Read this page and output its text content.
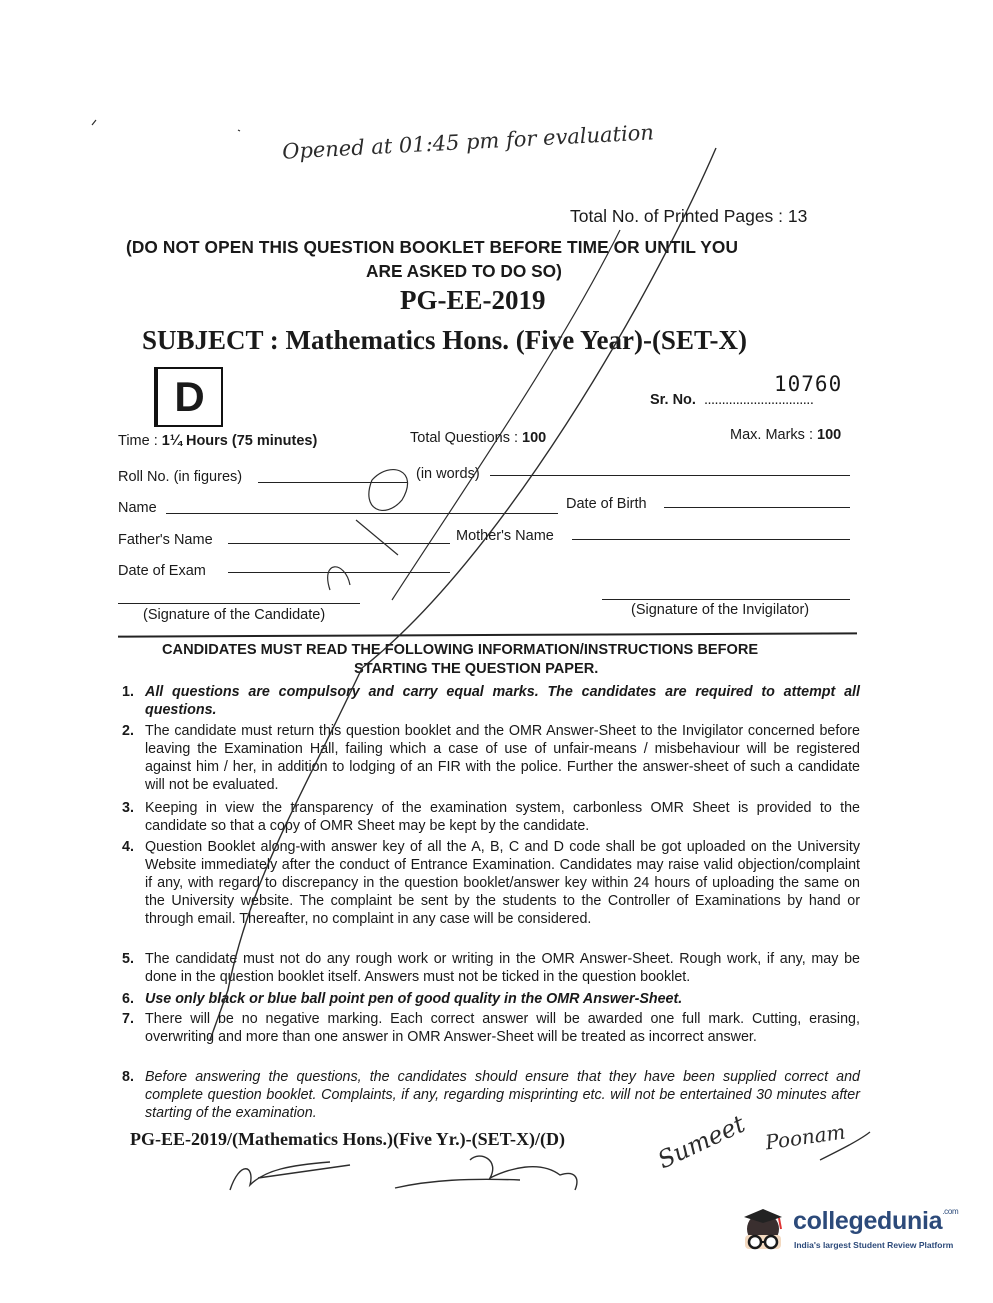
Opened at 01:45 pm for evaluation
Total No. of Printed Pages : 13
(DO NOT OPEN THIS QUESTION BOOKLET BEFORE TIME OR UNTIL YOU
ARE ASKED TO DO SO)
PG-EE-2019
SUBJECT : Mathematics Hons. (Five Year)-(SET-X)
D	10760
Sr. No. ...............................
Time : 1¼ Hours (75 minutes)	Total Questions : 100	Max. Marks : 100
Roll No. (in figures)	(in words)
Name	Date of Birth
Father's Name	Mother's Name
Date of Exam
(Signature of the Candidate)	(Signature of the Invigilator)
CANDIDATES MUST READ THE FOLLOWING INFORMATION/INSTRUCTIONS BEFORE
STARTING THE QUESTION PAPER.
1. All questions are compulsory and carry equal marks. The candidates are required to attempt all questions.
2. The candidate must return this question booklet and the OMR Answer-Sheet to the Invigilator concerned before leaving the Examination Hall, failing which a case of use of unfair-means / misbehaviour will be registered against him / her, in addition to lodging of an FIR with the police. Further the answer-sheet of such a candidate will not be evaluated.
3. Keeping in view the transparency of the examination system, carbonless OMR Sheet is provided to the candidate so that a copy of OMR Sheet may be kept by the candidate.
4. Question Booklet along-with answer key of all the A, B, C and D code shall be got uploaded on the University Website immediately after the conduct of Entrance Examination. Candidates may raise valid objection/complaint if any, with regard to discrepancy in the question booklet/answer key within 24 hours of uploading the same on the University website. The complaint be sent by the students to the Controller of Examinations by hand or through email. Thereafter, no complaint in any case will be considered.
5. The candidate must not do any rough work or writing in the OMR Answer-Sheet. Rough work, if any, may be done in the question booklet itself. Answers must not be ticked in the question booklet.
6. Use only black or blue ball point pen of good quality in the OMR Answer-Sheet.
7. There will be no negative marking. Each correct answer will be awarded one full mark. Cutting, erasing, overwriting and more than one answer in OMR Answer-Sheet will be treated as incorrect answer.
8. Before answering the questions, the candidates should ensure that they have been supplied correct and complete question booklet. Complaints, if any, regarding misprinting etc. will not be entertained 30 minutes after starting of the examination.
PG-EE-2019/(Mathematics Hons.)(Five Yr.)-(SET-X)/(D)	Sumeet Poonam
collegedunia$^{.com}$
India's largest Student Review Platform
